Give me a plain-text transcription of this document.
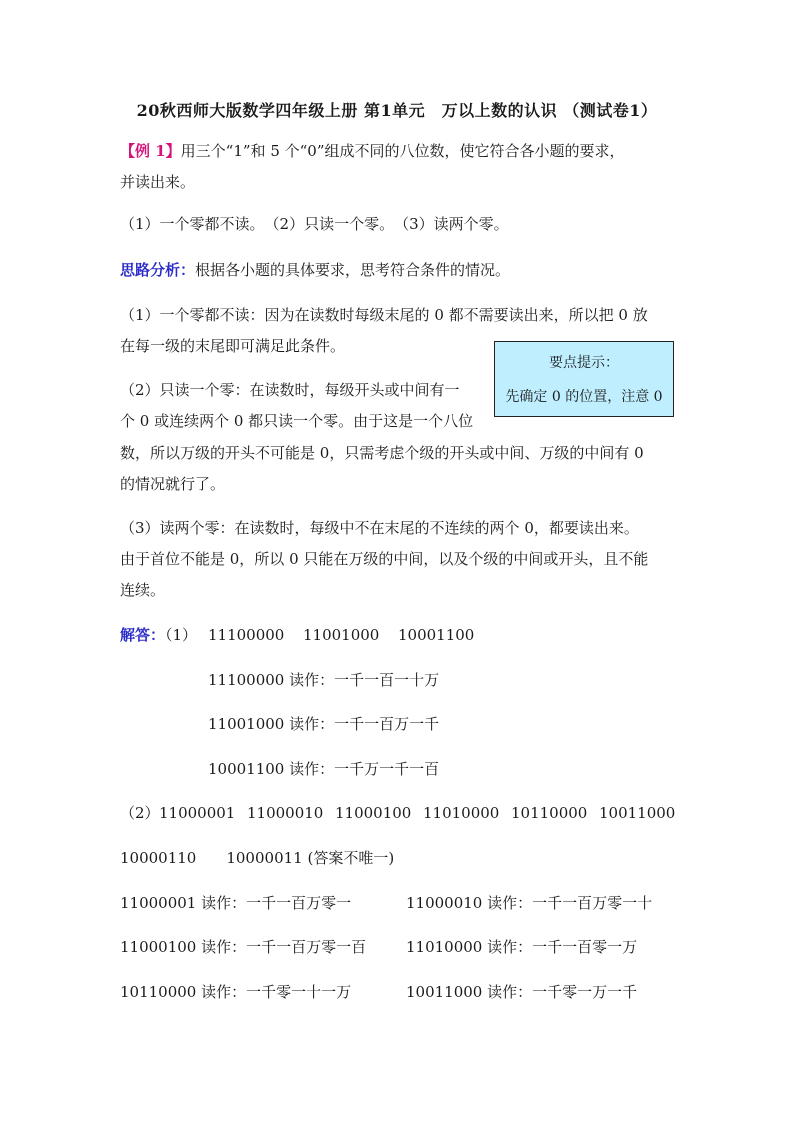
20秋西师大版数学四年级上册 第1单元　万以上数的认识 （测试卷1）
【例 1】用三个“1”和 5 个“0”组成不同的八位数，使它符合各小题的要求，
并读出来。
（1）一个零都不读。　（2）只读一个零。　（3）读两个零。
思路分析：根据各小题的具体要求，思考符合条件的情况。
（1）一个零都不读：因为在读数时每级末尾的 0 都不需要读出来，所以把 0 放
在每一级的末尾即可满足此条件。
（2）只读一个零：在读数时，每级开头或中间有一
个 0 或连续两个 0 都只读一个零。由于这是一个八位
数，所以万级的开头不可能是 0，只需考虑个级的开头或中间、万级的中间有 0
的情况就行了。
（3）读两个零：在读数时，每级中不在末尾的不连续的两个 0，都要读出来。
由于首位不能是 0，所以 0 只能在万级的中间，以及个级的中间或开头，且不能
连续。
要点提示：
先确定 0 的位置，注意 0
解答：（1） 11100000 11001000 10001100
11100000 读作：一千一百一十万
11001000 读作：一千一百万一千
10001100 读作：一千万一千一百
（2） 11000001 11000010 11000100 11010000 10110000 10011000
10000110　　10000011 (答案不唯一)
11000001 读作：一千一百万零一	11000010 读作：一千一百万零一十
11000100 读作：一千一百万零一百	11010000 读作：一千一百零一万
10110000 读作：一千零一十一万	10011000 读作：一千零一万一千
